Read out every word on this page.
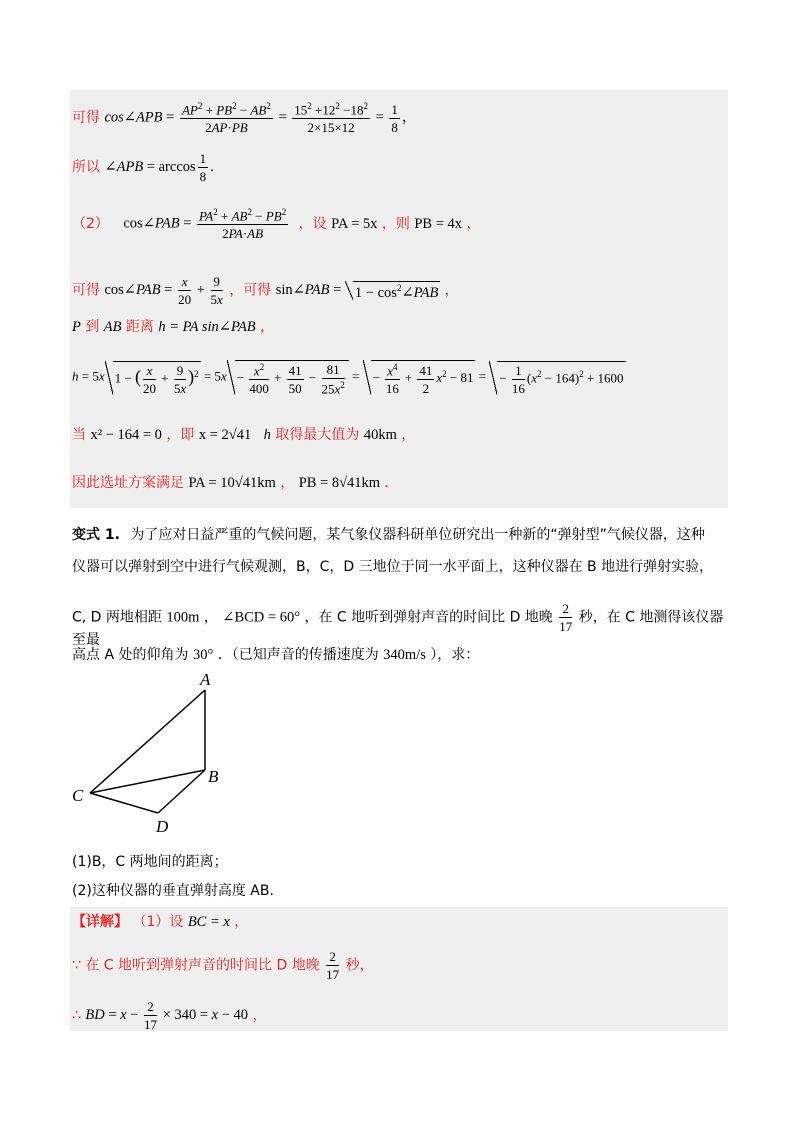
可得 cos∠APB = $\frac{AP^2 + PB^2 - AB^2}{2AP\cdot PB} = \frac{15^2 +12^2 -18^2}{2\times 15\times 12} = \frac{1}{8}$ ，
所以
∠APB = $\arccos \frac{1}{8}$ .
（2）
cos∠PAB = $\frac{PA^2 + AB^2 - PB^2}{2PA\cdot AB}$ ，设 PA = 5x ，则 PB = 4x ，
可得
cos∠PAB = $\frac{x}{20} + \frac{9}{5x}$ ，可得
sin∠PAB = $1 - \cos^2\angle PAB$ ，
P 到 AB 距离 h = PA sin∠PAB ，
h = 5x 1 − ( $\frac{x}{20} + \frac{9}{5x} )^2 = 5x - \frac{x^2}{400} + \frac{41}{50} - \frac{81}{25x^2}$ = − $\frac{x^4}{16} + \frac{41}{2} x^2 - 81$ = − $\frac{1}{16} (x^2 - 164)^2 + 1600$
当 x² − 164 = 0 ，即 x = 2√41 h 取得最大值为 40km ，
因此选址方案满足 PA = 10√41km ， PB = 8√41km .
变式 1. 为了应对日益严重的气候问题，某气象仪器科研单位研究出一种新的“弹射型”气候仪器，这种
仪器可以弹射到空中进行气候观测，B，C，D 三地位于同一水平面上，这种仪器在 B 地进行弹射实验，
C, D 两地相距 100m ， ∠BCD = 60° ，在 C 地听到弹射声音的时间比 D 地晚 $\frac{2}{17}$ 秒，在 C 地测得该仪器至最
高点 A 处的仰角为 30° ．（已知声音的传播速度为 340m/s ），求：
A
B
C
D
(1)B，C 两地间的距离；
(2)这种仪器的垂直弹射高度 AB.
【详解】 （1）设 BC = x ，
∵ 在 C 地听到弹射声音的时间比 D 地晚 $\frac{2}{17}$ 秒，
∴ BD = $x - \frac{2}{17} \times 340 = x - 40$ ，
